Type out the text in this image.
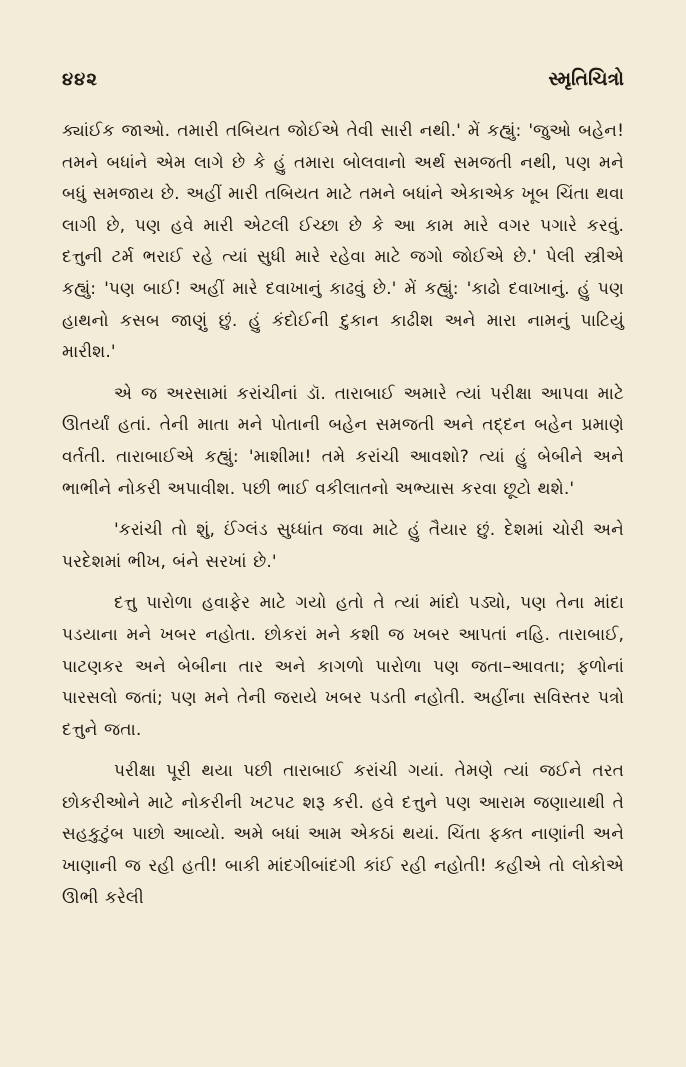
૪૪૨	સ્મૃતિચિત્રો

ક્યાંઈક જાઓ. તમારી તબિયત જોઈએ તેવી સારી નથી.' મેં કહ્યું: 'જુઓ બહેન! તમને બધાંને એમ લાગે છે કે હું તમારા બોલવાનો અર્થ સમજતી નથી, પણ મને બધું સમજાય છે. અહીં મારી તબિયત માટે તમને બધાંને એકાએક ખૂબ ચિંતા થવા લાગી છે, પણ હવે મારી એટલી ઈચ્છા છે કે આ કામ મારે વગર પગારે કરવું. દત્તુની ટર્મ ભરાઈ રહે ત્યાં સુધી મારે રહેવા માટે જગો જોઈએ છે.' પેલી સ્ત્રીએ કહ્યું: 'પણ બાઈ! અહીં મારે દવાખાનું કાઢવું છે.' મેં કહ્યું: 'કાઢો દવાખાનું. હું પણ હાથનો કસબ જાણું છું. હું કંદોઈની દુકાન કાઢીશ અને મારા નામનું પાટિયું મારીશ.'

એ જ અરસામાં કરાંચીનાં ડૉ. તારાબાઈ અમારે ત્યાં પરીક્ષા આપવા માટે ઊતર્યાં હતાં. તેની માતા મને પોતાની બહેન સમજતી અને તદ્દન બહેન પ્રમાણે વર્તતી. તારાબાઈએ કહ્યું: 'માશીમા! તમે કરાંચી આવશો? ત્યાં હું બેબીને અને ભાભીને નોકરી અપાવીશ. પછી ભાઈ વકીલાતનો અભ્યાસ કરવા છૂટો થશે.'

'કરાંચી તો શું, ઈંગ્લંડ સુધ્ધાંત જવા માટે હું તૈયાર છું. દેશમાં ચોરી અને પરદેશમાં ભીખ, બંને સરખાં છે.'

દત્તુ પારોળા હવાફેર માટે ગયો હતો તે ત્યાં માંદો પડ્યો, પણ તેના માંદા પડયાના મને ખબર નહોતા. છોકરાં મને કશી જ ખબર આપતાં નહિ. તારાબાઈ, પાટણકર અને બેબીના તાર અને કાગળો પારોળા પણ જતા–આવતા; ફળોનાં પારસલો જતાં; પણ મને તેની જરાયે ખબર પડતી નહોતી. અહીંના સવિસ્તર પત્રો દત્તુને જતા.

પરીક્ષા પૂરી થયા પછી તારાબાઈ કરાંચી ગયાં. તેમણે ત્યાં જઈને તરત છોકરીઓને માટે નોકરીની ખટપટ શરૂ કરી. હવે દત્તુને પણ આરામ જણાયાથી તે સહકુટુંબ પાછો આવ્યો. અમે બધાં આમ એકઠાં થયાં. ચિંતા ફક્ત નાણાંની અને ખાણાની જ રહી હતી! બાકી માંદગીબાંદગી કાંઈ રહી નહોતી! કહીએ તો લોકોએ ઊભી કરેલી
